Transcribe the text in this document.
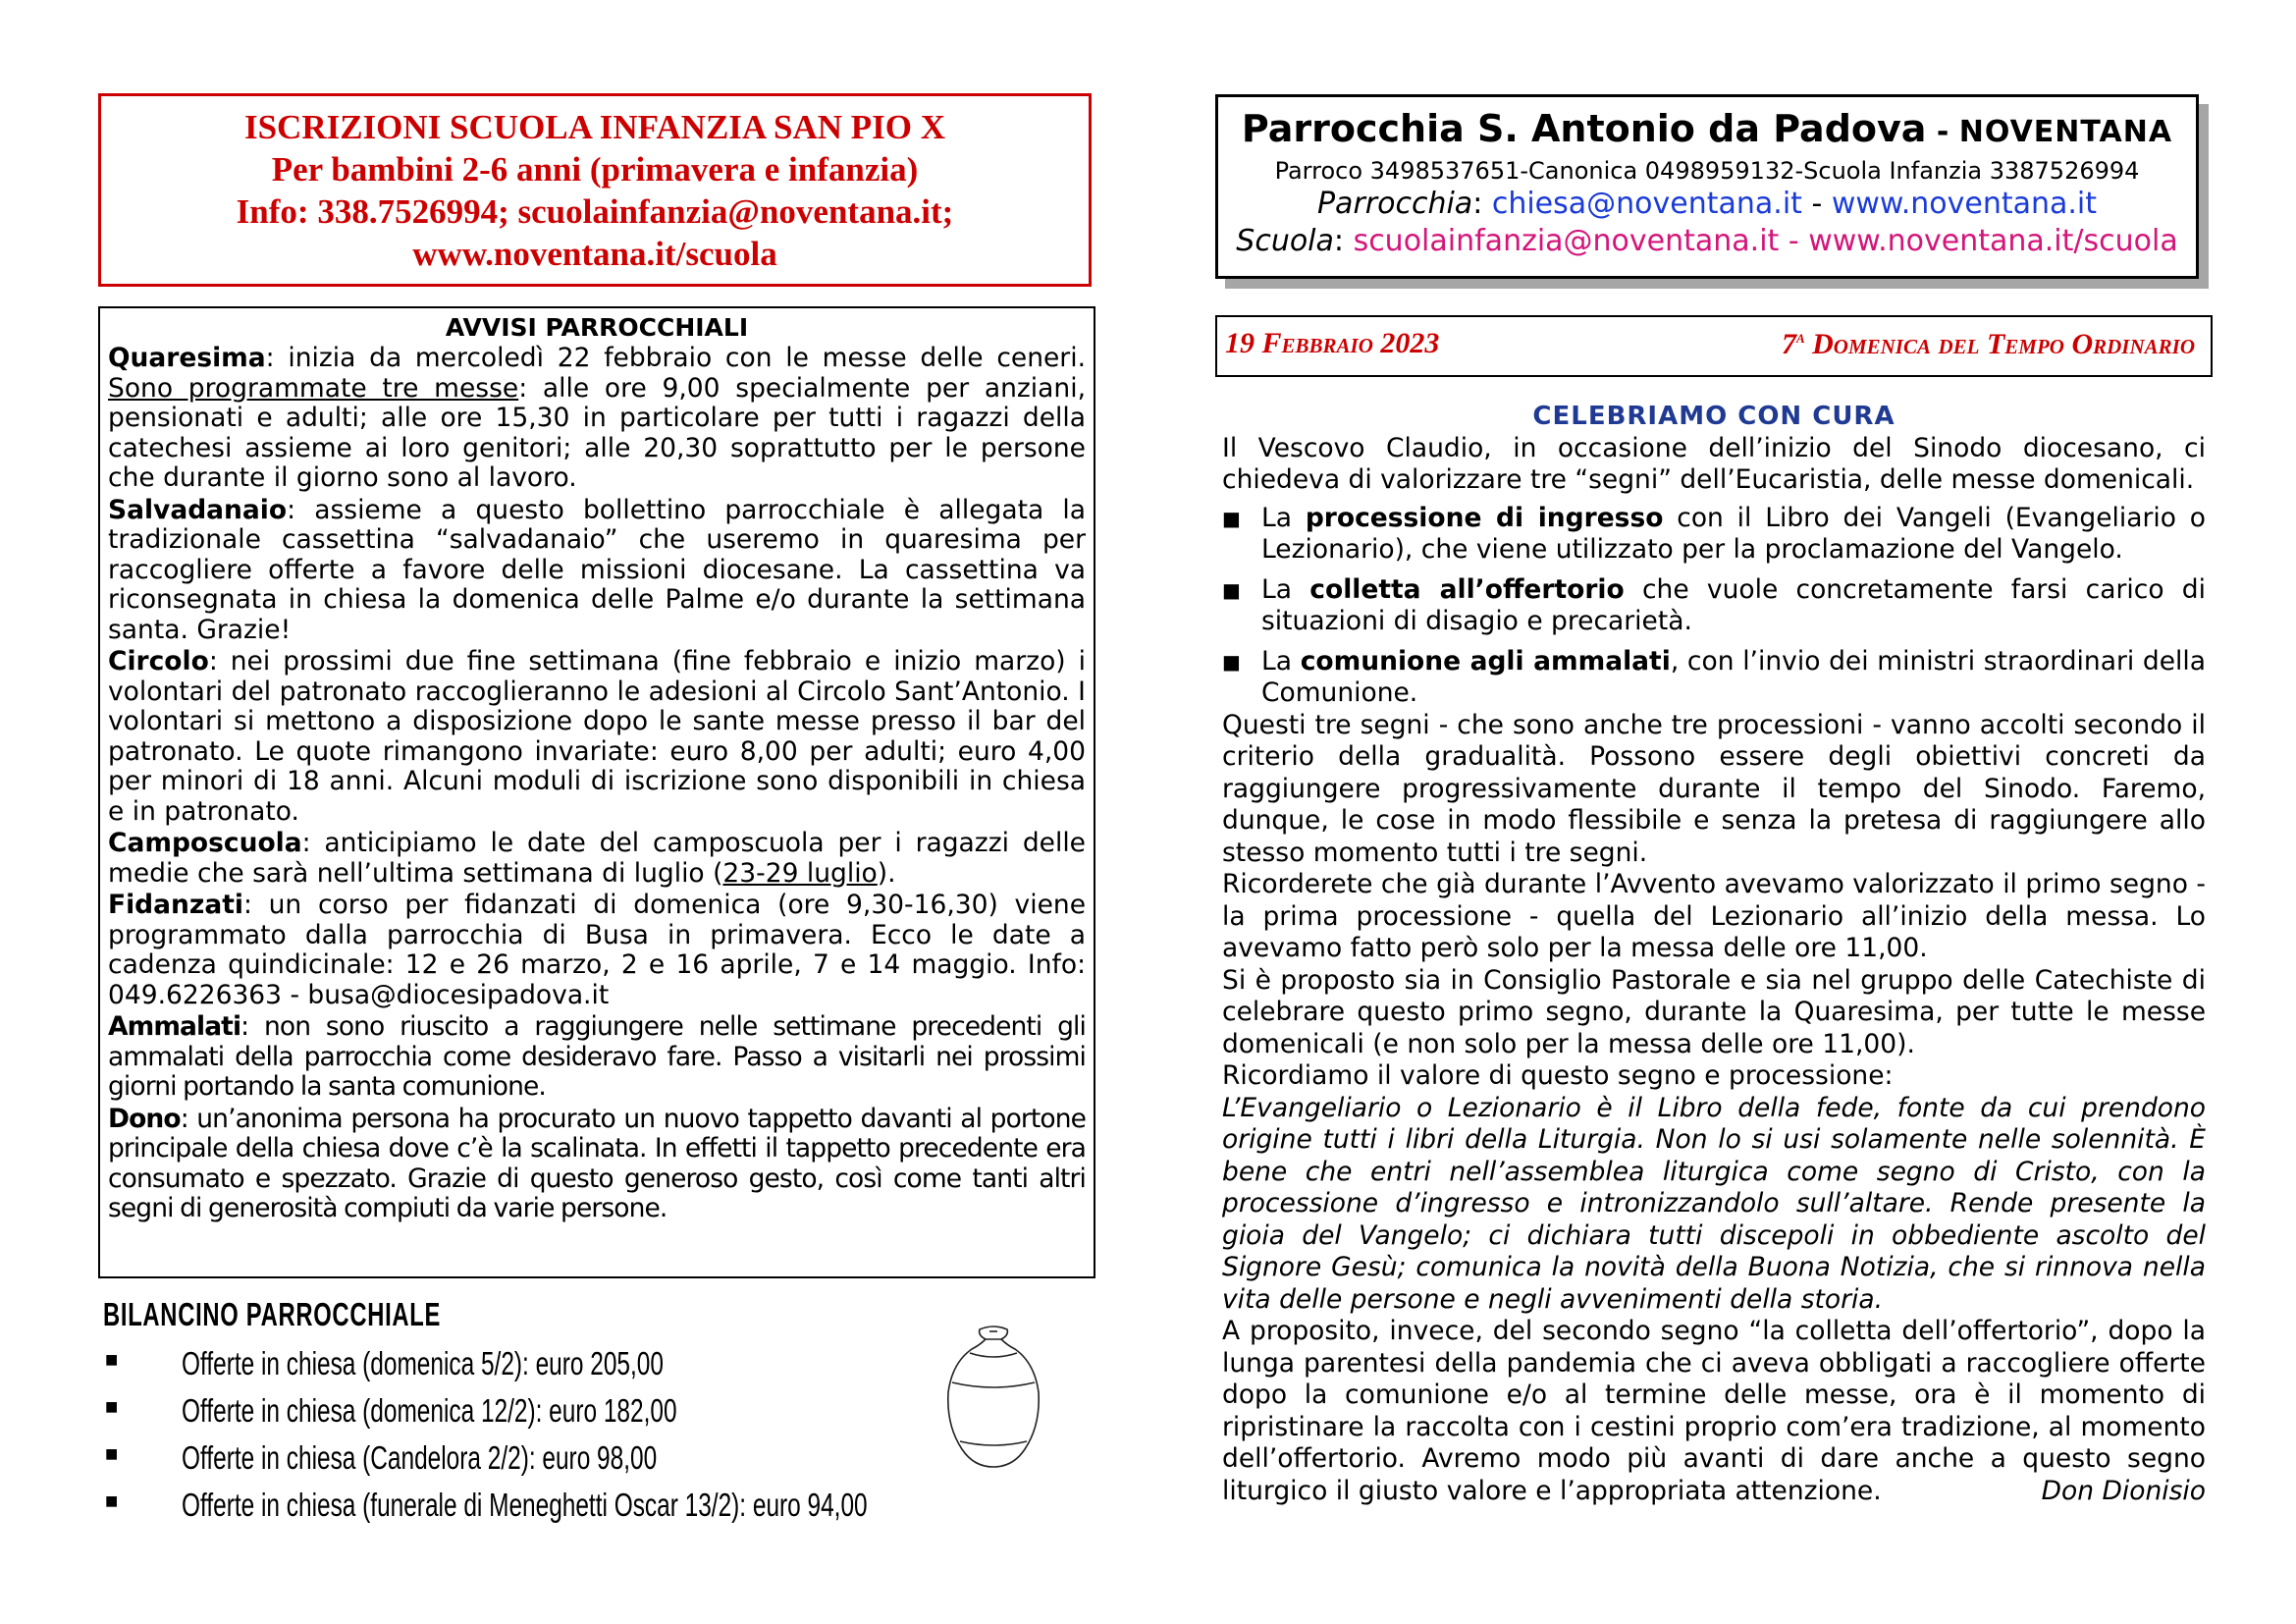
ISCRIZIONI SCUOLA INFANZIA SAN PIO X
Per bambini 2-6 anni (primavera e infanzia)
Info: 338.7526994; scuolainfanzia@noventana.it;
www.noventana.it/scuola
AVVISI PARROCCHIALI

Quaresima: inizia da mercoledì 22 febbraio con le messe delle ceneri. Sono programmate tre messe: alle ore 9,00 specialmente per anziani, pensionati e adulti; alle ore 15,30 in particolare per tutti i ragazzi della catechesi assieme ai loro genitori; alle 20,30 soprattutto per le persone che durante il giorno sono al lavoro.

Salvadanaio: assieme a questo bollettino parrocchiale è allegata la tradizionale cassettina “salvadanaio” che useremo in quaresima per raccogliere offerte a favore delle missioni diocesane. La cassettina va riconsegnata in chiesa la domenica delle Palme e/o durante la settimana santa. Grazie!

Circolo: nei prossimi due fine settimana (fine febbraio e inizio marzo) i volontari del patronato raccoglieranno le adesioni al Circolo Sant’Antonio. I volontari si mettono a disposizione dopo le sante messe presso il bar del patronato. Le quote rimangono invariate: euro 8,00 per adulti; euro 4,00 per minori di 18 anni. Alcuni moduli di iscrizione sono disponibili in chiesa e in patronato.

Camposcuola: anticipiamo le date del camposcuola per i ragazzi delle medie che sarà nell’ultima settimana di luglio (23-29 luglio).

Fidanzati: un corso per fidanzati di domenica (ore 9,30-16,30) viene programmato dalla parrocchia di Busa in primavera. Ecco le date a cadenza quindicinale: 12 e 26 marzo, 2 e 16 aprile, 7 e 14 maggio. Info: 049.6226363 - busa@diocesipadova.it

Ammalati: non sono riuscito a raggiungere nelle settimane precedenti gli ammalati della parrocchia come desideravo fare. Passo a visitarli nei prossimi giorni portando la santa comunione.

Dono: un’anonima persona ha procurato un nuovo tappetto davanti al portone principale della chiesa dove c’è la scalinata. In effetti il tappetto precedente era consumato e spezzato. Grazie di questo generoso gesto, così come tanti altri segni di generosità compiuti da varie persone.

BILANCINO PARROCCHIALE
■ Offerte in chiesa (domenica 5/2): euro 205,00
■ Offerte in chiesa (domenica 12/2): euro 182,00
■ Offerte in chiesa (Candelora 2/2): euro 98,00
■ Offerte in chiesa (funerale di Meneghetti Oscar 13/2): euro 94,00
Parrocchia S. Antonio da Padova - NOVENTANA
Parroco 3498537651-Canonica 0498959132-Scuola Infanzia 3387526994
Parrocchia: chiesa@noventana.it - www.noventana.it
Scuola: scuolainfanzia@noventana.it - www.noventana.it/scuola
19 Febbraio 2023	7$^a$ Domenica del Tempo Ordinario
CELEBRIAMO CON CURA

Il Vescovo Claudio, in occasione dell’inizio del Sinodo diocesano, ci chiedeva di valorizzare tre “segni” dell’Eucaristia, delle messe domenicali.

■ La processione di ingresso con il Libro dei Vangeli (Evangeliario o Lezionario), che viene utilizzato per la proclamazione del Vangelo.
■ La colletta all’offertorio che vuole concretamente farsi carico di situazioni di disagio e precarietà.
■ La comunione agli ammalati, con l’invio dei ministri straordinari della Comunione.

Questi tre segni - che sono anche tre processioni - vanno accolti secondo il criterio della gradualità. Possono essere degli obiettivi concreti da raggiungere progressivamente durante il tempo del Sinodo. Faremo, dunque, le cose in modo flessibile e senza la pretesa di raggiungere allo stesso momento tutti i tre segni.

Ricorderete che già durante l’Avvento avevamo valorizzato il primo segno - la prima processione - quella del Lezionario all’inizio della messa. Lo avevamo fatto però solo per la messa delle ore 11,00.

Si è proposto sia in Consiglio Pastorale e sia nel gruppo delle Catechiste di celebrare questo primo segno, durante la Quaresima, per tutte le messe domenicali (e non solo per la messa delle ore 11,00).

Ricordiamo il valore di questo segno e processione:

L’Evangeliario o Lezionario è il Libro della fede, fonte da cui prendono origine tutti i libri della Liturgia. Non lo si usi solamente nelle solennità. È bene che entri nell’assemblea liturgica come segno di Cristo, con la processione d’ingresso e intronizzandolo sull’altare. Rende presente la gioia del Vangelo; ci dichiara tutti discepoli in obbediente ascolto del Signore Gesù; comunica la novità della Buona Notizia, che si rinnova nella vita delle persone e negli avvenimenti della storia.

A proposito, invece, del secondo segno “la colletta dell’offertorio”, dopo la lunga parentesi della pandemia che ci aveva obbligati a raccogliere offerte dopo la comunione e/o al termine delle messe, ora è il momento di ripristinare la raccolta con i cestini proprio com’era tradizione, al momento dell’offertorio. Avremo modo più avanti di dare anche a questo segno liturgico il giusto valore e l’appropriata attenzione.	Don Dionisio
